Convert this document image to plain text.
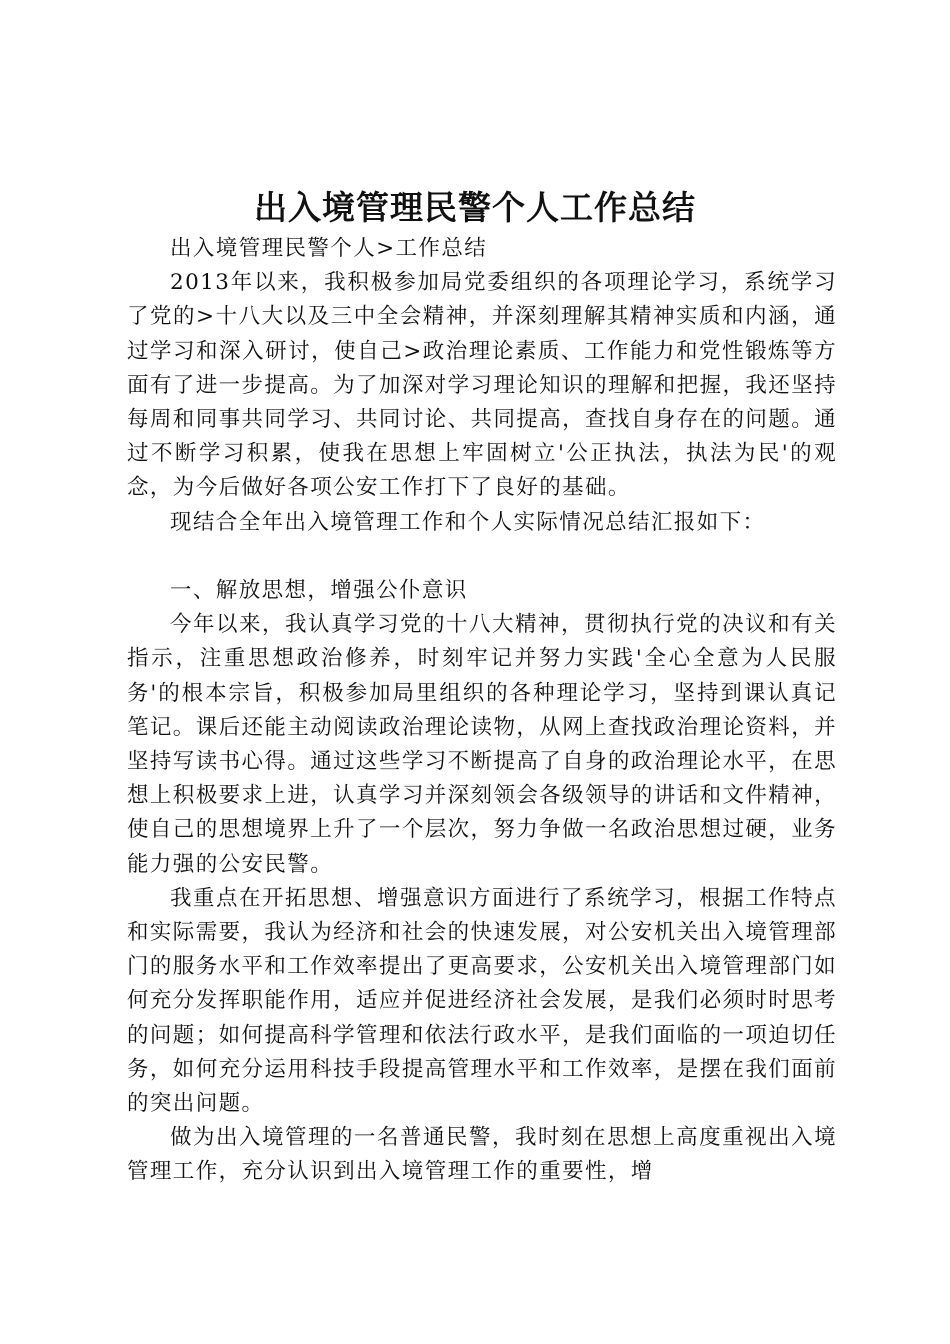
出入境管理民警个人工作总结

出入境管理民警个人>工作总结

2013年以来，我积极参加局党委组织的各项理论学习，系统学习了党的>十八大以及三中全会精神，并深刻理解其精神实质和内涵，通过学习和深入研讨，使自己>政治理论素质、工作能力和党性锻炼等方面有了进一步提高。为了加深对学习理论知识的理解和把握，我还坚持每周和同事共同学习、共同讨论、共同提高，查找自身存在的问题。通过不断学习积累，使我在思想上牢固树立'公正执法，执法为民'的观念，为今后做好各项公安工作打下了良好的基础。

现结合全年出入境管理工作和个人实际情况总结汇报如下：

一、解放思想，增强公仆意识

今年以来，我认真学习党的十八大精神，贯彻执行党的决议和有关指示，注重思想政治修养，时刻牢记并努力实践'全心全意为人民服务'的根本宗旨，积极参加局里组织的各种理论学习，坚持到课认真记笔记。课后还能主动阅读政治理论读物，从网上查找政治理论资料，并坚持写读书心得。通过这些学习不断提高了自身的政治理论水平，在思想上积极要求上进，认真学习并深刻领会各级领导的讲话和文件精神，使自己的思想境界上升了一个层次，努力争做一名政治思想过硬，业务能力强的公安民警。

我重点在开拓思想、增强意识方面进行了系统学习，根据工作特点和实际需要，我认为经济和社会的快速发展，对公安机关出入境管理部门的服务水平和工作效率提出了更高要求，公安机关出入境管理部门如何充分发挥职能作用，适应并促进经济社会发展，是我们必须时时思考的问题；如何提高科学管理和依法行政水平，是我们面临的一项迫切任务，如何充分运用科技手段提高管理水平和工作效率，是摆在我们面前的突出问题。

做为出入境管理的一名普通民警，我时刻在思想上高度重视出入境管理工作，充分认识到出入境管理工作的重要性，增
